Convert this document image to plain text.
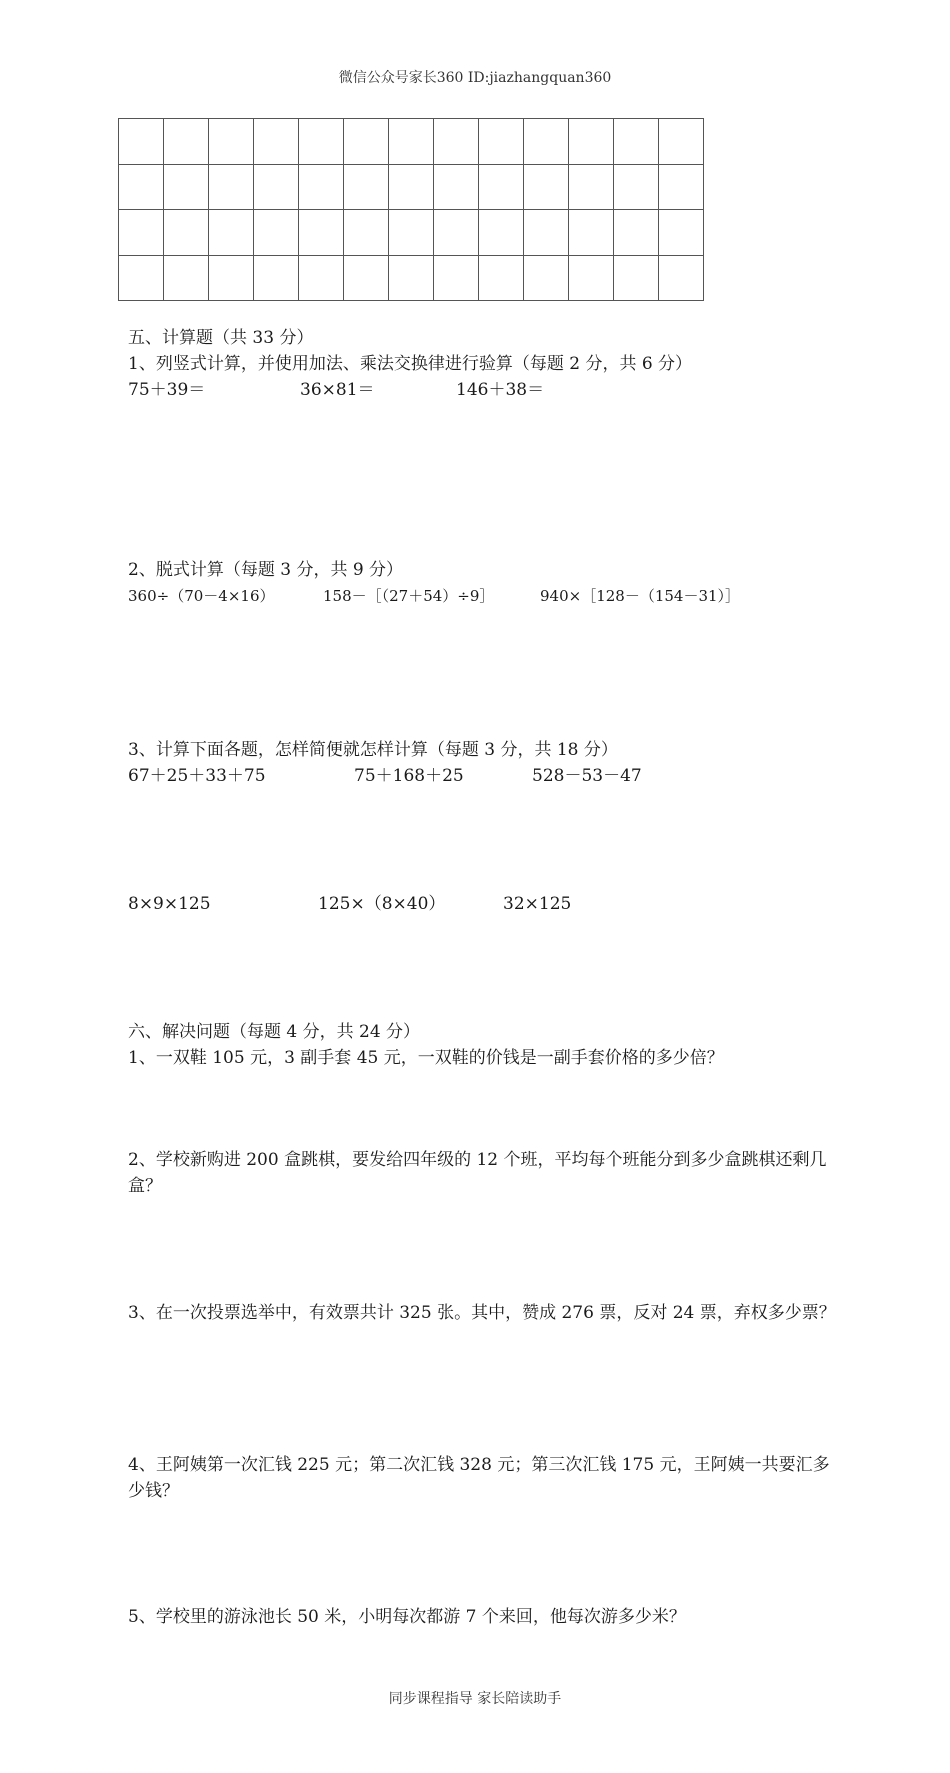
微信公众号家长360 ID:jiazhangquan360

五、计算题（共 33 分）
1、列竖式计算，并使用加法、乘法交换律进行验算（每题 2 分，共 6 分）
75＋39＝	36×81＝	146＋38＝
2、脱式计算（每题 3 分，共 9 分）
360÷（70－4×16）	158－［（27＋54）÷9］	940×［128－（154－31）］
3、计算下面各题，怎样简便就怎样计算（每题 3 分，共 18 分）
67＋25＋33＋75	75＋168＋25	528－53－47
8×9×125	125×（8×40）	32×125
六、解决问题（每题 4 分，共 24 分）
1、一双鞋 105 元，3 副手套 45 元，一双鞋的价钱是一副手套价格的多少倍？
2、学校新购进 200 盒跳棋，要发给四年级的 12 个班，平均每个班能分到多少盒跳棋还剩几盒？
3、在一次投票选举中，有效票共计 325 张。其中，赞成 276 票，反对 24 票，弃权多少票？
4、王阿姨第一次汇钱 225 元；第二次汇钱 328 元；第三次汇钱 175 元，王阿姨一共要汇多少钱？
5、学校里的游泳池长 50 米，小明每次都游 7 个来回，他每次游多少米？
同步课程指导 家长陪读助手
